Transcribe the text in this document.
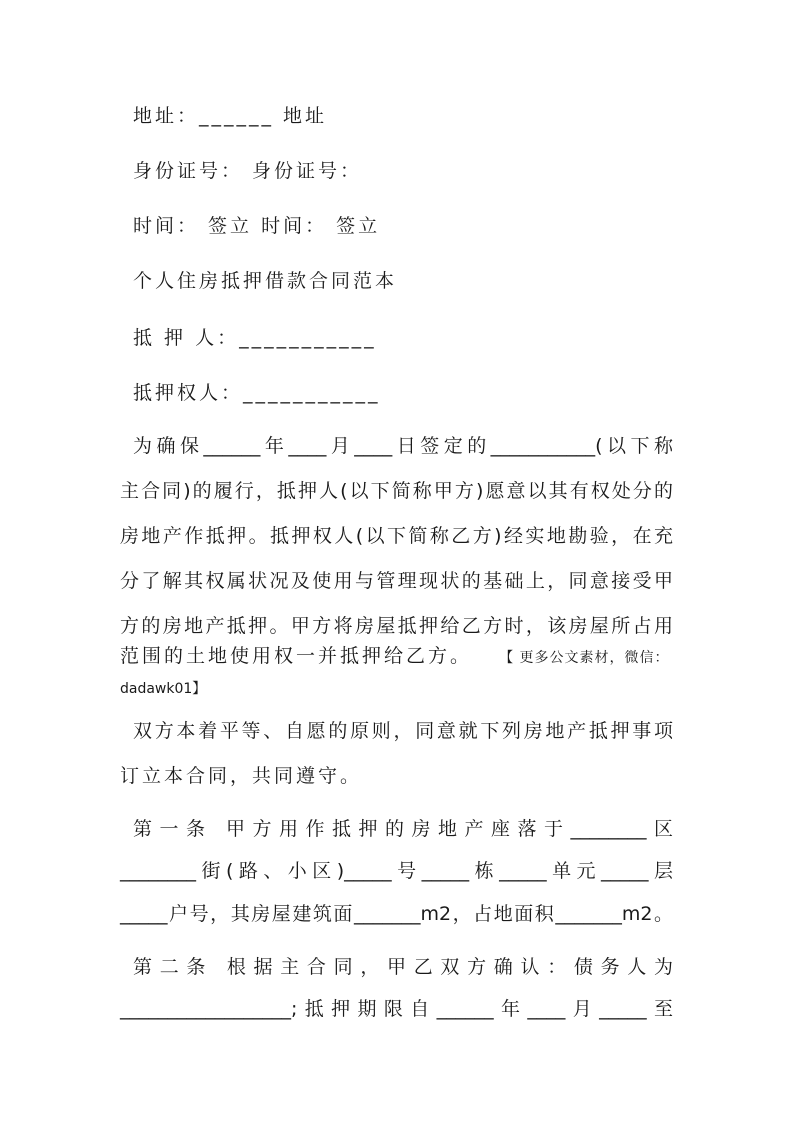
地址：______ 地址
身份证号： 身份证号：
时间： 签立 时间： 签立
个人住房抵押借款合同范本
抵 押 人：___________
抵押权人：___________
为确保______年____月____日签定的___________(以下称
主合同)的履行，抵押人(以下简称甲方)愿意以其有权处分的
房地产作抵押。抵押权人(以下简称乙方)经实地勘验，在充
分了解其权属状况及使用与管理现状的基础上，同意接受甲
方的房地产抵押。甲方将房屋抵押给乙方时，该房屋所占用
范围的土地使用权一并抵押给乙方。 【 更多公文素材，微信：
dadawk01】
双方本着平等、自愿的原则，同意就下列房地产抵押事项
订立本合同，共同遵守。
第一条 甲方用作抵押的房地产座落于________区
________街(路、小区)_____号_____栋_____单元_____层
_____户号，其房屋建筑面_______m2，占地面积_______m2。
第二条 根据主合同，甲乙双方确认：债务人为
__________________;抵押期限自______年____月_____至
